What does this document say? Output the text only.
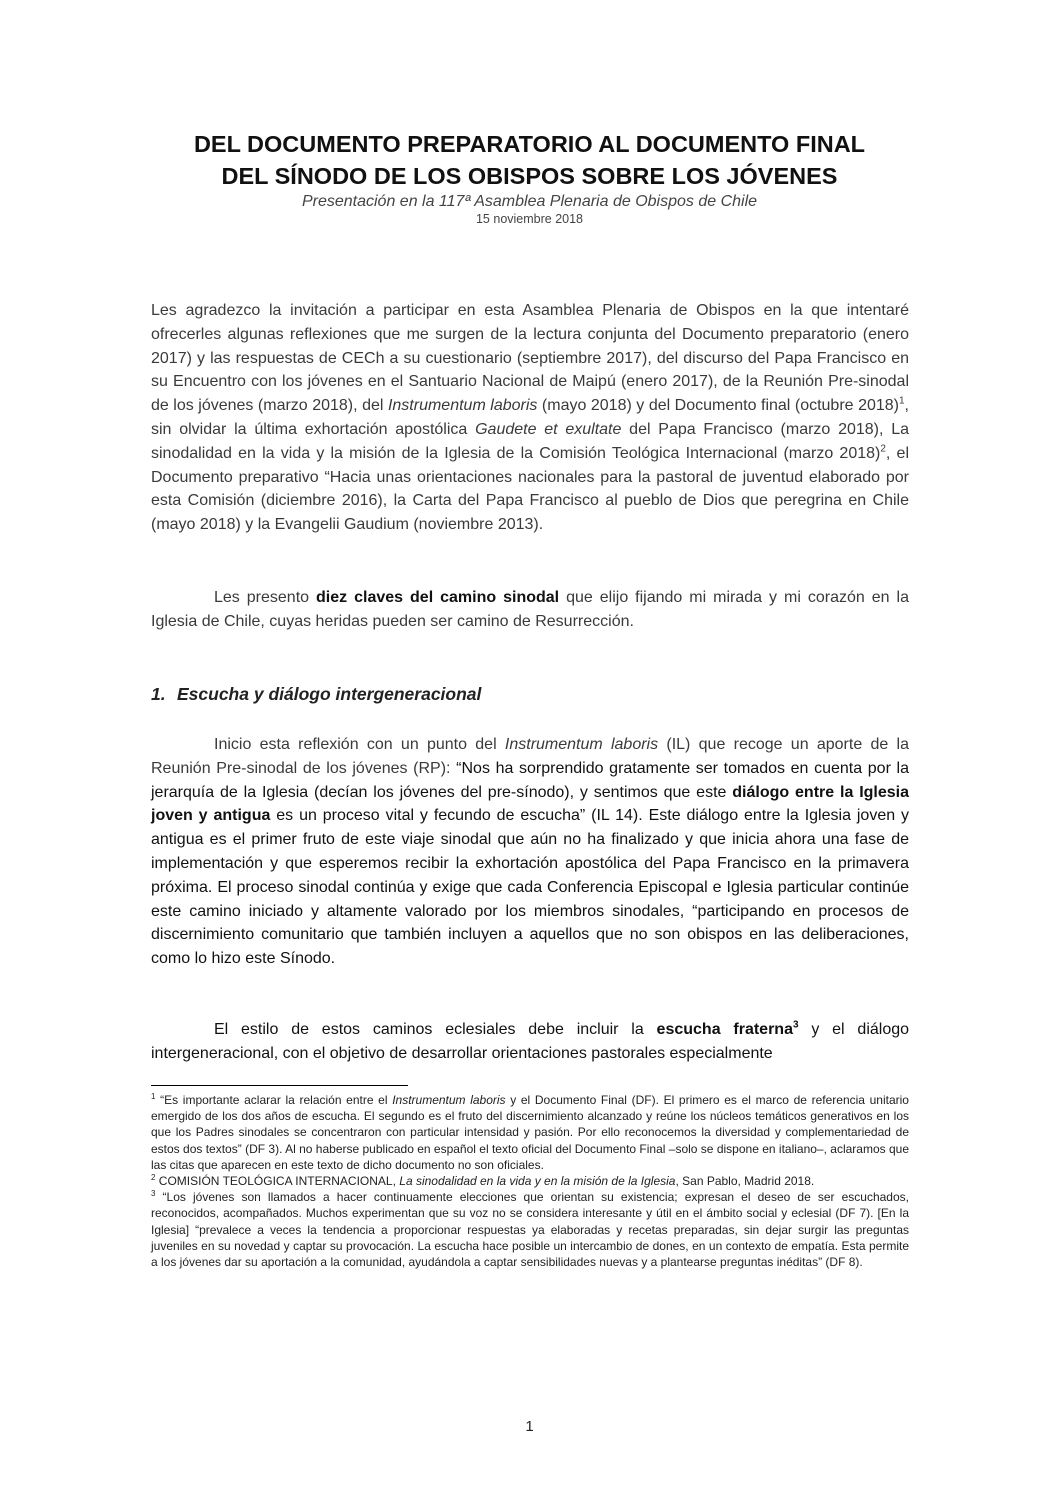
DEL DOCUMENTO PREPARATORIO AL DOCUMENTO FINAL
DEL SÍNODO DE LOS OBISPOS SOBRE LOS JÓVENES
Presentación en la 117ª Asamblea Plenaria de Obispos de Chile
15 noviembre 2018

Les agradezco la invitación a participar en esta Asamblea Plenaria de Obispos en la que intentaré ofrecerles algunas reflexiones que me surgen de la lectura conjunta del Documento preparatorio (enero 2017) y las respuestas de CECh a su cuestionario (septiembre 2017), del discurso del Papa Francisco en su Encuentro con los jóvenes en el Santuario Nacional de Maipú (enero 2017), de la Reunión Pre-sinodal de los jóvenes (marzo 2018), del Instrumentum laboris (mayo 2018) y del Documento final (octubre 2018)$^1$, sin olvidar la última exhortación apostólica Gaudete et exultate del Papa Francisco (marzo 2018), La sinodalidad en la vida y la misión de la Iglesia de la Comisión Teológica Internacional (marzo 2018)$^2$, el Documento preparativo “Hacia unas orientaciones nacionales para la pastoral de juventud elaborado por esta Comisión (diciembre 2016), la Carta del Papa Francisco al pueblo de Dios que peregrina en Chile (mayo 2018) y la Evangelii Gaudium (noviembre 2013).

Les presento diez claves del camino sinodal que elijo fijando mi mirada y mi corazón en la Iglesia de Chile, cuyas heridas pueden ser camino de Resurrección.

1. Escucha y diálogo intergeneracional

Inicio esta reflexión con un punto del Instrumentum laboris (IL) que recoge un aporte de la Reunión Pre-sinodal de los jóvenes (RP): “Nos ha sorprendido gratamente ser tomados en cuenta por la jerarquía de la Iglesia (decían los jóvenes del pre-sínodo), y sentimos que este diálogo entre la Iglesia joven y antigua es un proceso vital y fecundo de escucha” (IL 14). Este diálogo entre la Iglesia joven y antigua es el primer fruto de este viaje sinodal que aún no ha finalizado y que inicia ahora una fase de implementación y que esperemos recibir la exhortación apostólica del Papa Francisco en la primavera próxima. El proceso sinodal continúa y exige que cada Conferencia Episcopal e Iglesia particular continúe este camino iniciado y altamente valorado por los miembros sinodales, “participando en procesos de discernimiento comunitario que también incluyen a aquellos que no son obispos en las deliberaciones, como lo hizo este Sínodo.

El estilo de estos caminos eclesiales debe incluir la escucha fraterna$^3$ y el diálogo intergeneracional, con el objetivo de desarrollar orientaciones pastorales especialmente

$^1$ “Es importante aclarar la relación entre el Instrumentum laboris y el Documento Final (DF). El primero es el marco de referencia unitario emergido de los dos años de escucha. El segundo es el fruto del discernimiento alcanzado y reúne los núcleos temáticos generativos en los que los Padres sinodales se concentraron con particular intensidad y pasión. Por ello reconocemos la diversidad y complementariedad de estos dos textos” (DF 3). Al no haberse publicado en español el texto oficial del Documento Final –solo se dispone en italiano–, aclaramos que las citas que aparecen en este texto de dicho documento no son oficiales.

$^2$ COMISIÓN TEOLÓGICA INTERNACIONAL, La sinodalidad en la vida y en la misión de la Iglesia, San Pablo, Madrid 2018.

$^3$ “Los jóvenes son llamados a hacer continuamente elecciones que orientan su existencia; expresan el deseo de ser escuchados, reconocidos, acompañados. Muchos experimentan que su voz no se considera interesante y útil en el ámbito social y eclesial (DF 7). [En la Iglesia] “prevalece a veces la tendencia a proporcionar respuestas ya elaboradas y recetas preparadas, sin dejar surgir las preguntas juveniles en su novedad y captar su provocación. La escucha hace posible un intercambio de dones, en un contexto de empatía. Esta permite a los jóvenes dar su aportación a la comunidad, ayudándola a captar sensibilidades nuevas y a plantearse preguntas inéditas” (DF 8).

1
